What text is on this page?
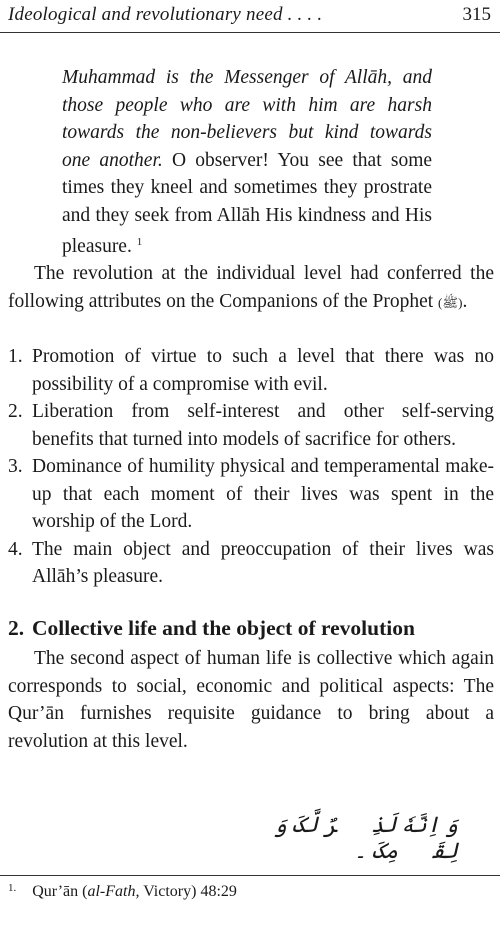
Ideological and revolutionary need . . . .	315
Muhammad is the Messenger of Allāh, and those people who are with him are harsh towards the non-believers but kind towards one another. O observer! You see that some times they kneel and sometimes they prostrate and they seek from Allāh His kindness and His pleasure. $^1$
The revolution at the individual level had conferred the following attributes on the Companions of the Prophet (ﷺ).
1. Promotion of virtue to such a level that there was no possibility of a compromise with evil.
2. Liberation from self-interest and other self-serving benefits that turned into models of sacrifice for others.
3. Dominance of humility physical and temperamental make-up that each moment of their lives was spent in the worship of the Lord.
4. The main object and preoccupation of their lives was Allāh’s pleasure.
2. Collective life and the object of revolution
The second aspect of human life is collective which again corresponds to social, economic and political aspects: The Qur’ān furnishes requisite guidance to bring about a revolution at this level.
وَ اِنَّهٗ لَذِکۡرٌ لَّکَ وَ لِقَوۡمِکَ ۔
$^{1.}$ Qur’ān (al-Fath, Victory) 48:29
